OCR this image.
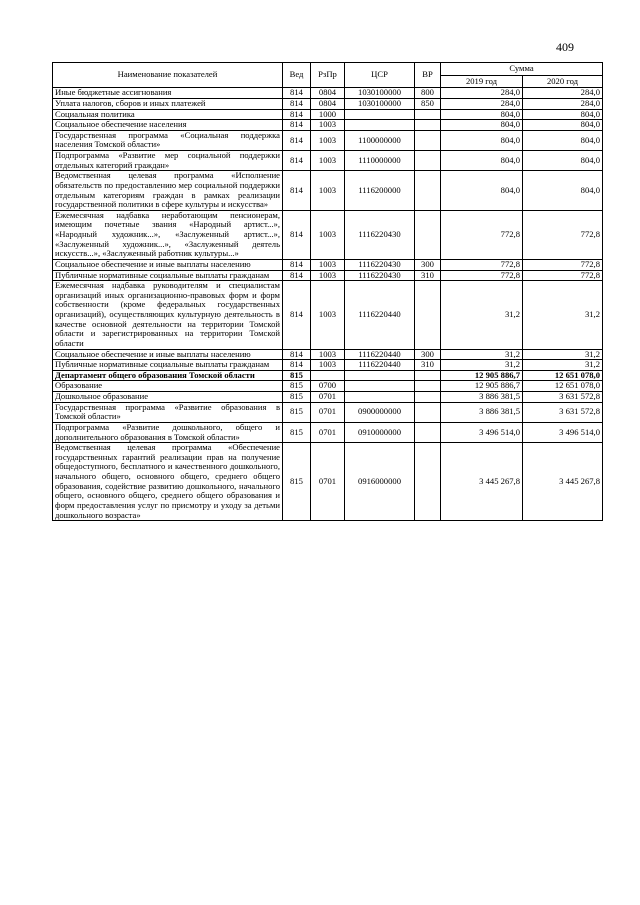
409
Наименование показателей	Вед	РзПр	ЦСР	ВР	Сумма	
					2019 год	2020 год
Иные бюджетные ассигнования	814	0804	1030100000	800	284,0	284,0
Уплата налогов, сборов и иных платежей	814	0804	1030100000	850	284,0	284,0
Социальная политика	814	1000			804,0	804,0
Социальное обеспечение населения	814	1003			804,0	804,0
Государственная программа «Социальная поддержка населения Томской области»	814	1003	1100000000		804,0	804,0
Подпрограмма «Развитие мер социальной поддержки отдельных категорий граждан»	814	1003	1110000000		804,0	804,0
Ведомственная целевая программа «Исполнение обязательств по предоставлению мер социальной поддержки отдельным категориям граждан в рамках реализации государственной политики в сфере культуры и искусства»	814	1003	1116200000		804,0	804,0
Ежемесячная надбавка неработающим пенсионерам, имеющим почетные звания «Народный артист...», «Народный художник...», «Заслуженный артист...», «Заслуженный художник...», «Заслуженный деятель искусств...», «Заслуженный работник культуры...»	814	1003	1116220430		772,8	772,8
Социальное обеспечение и иные выплаты населению	814	1003	1116220430	300	772,8	772,8
Публичные нормативные социальные выплаты гражданам	814	1003	1116220430	310	772,8	772,8
Ежемесячная надбавка руководителям и специалистам организаций иных организационно-правовых форм и форм собственности (кроме федеральных государственных организаций), осуществляющих культурную деятельность в качестве основной деятельности на территории Томской области и зарегистрированных на территории Томской области	814	1003	1116220440		31,2	31,2
Социальное обеспечение и иные выплаты населению	814	1003	1116220440	300	31,2	31,2
Публичные нормативные социальные выплаты гражданам	814	1003	1116220440	310	31,2	31,2
Департамент общего образования Томской области	815				12 905 886,7	12 651 078,0
Образование	815	0700			12 905 886,7	12 651 078,0
Дошкольное образование	815	0701			3 886 381,5	3 631 572,8
Государственная программа «Развитие образования в Томской области»	815	0701	0900000000		3 886 381,5	3 631 572,8
Подпрограмма «Развитие дошкольного, общего и дополнительного образования в Томской области»	815	0701	0910000000		3 496 514,0	3 496 514,0
Ведомственная целевая программа «Обеспечение государственных гарантий реализации прав на получение общедоступного, бесплатного и качественного дошкольного, начального общего, основного общего, среднего общего образования, содействие развитию дошкольного, начального общего, основного общего, среднего общего образования и форм предоставления услуг по присмотру и уходу за детьми дошкольного возраста»	815	0701	0916000000		3 445 267,8	3 445 267,8
